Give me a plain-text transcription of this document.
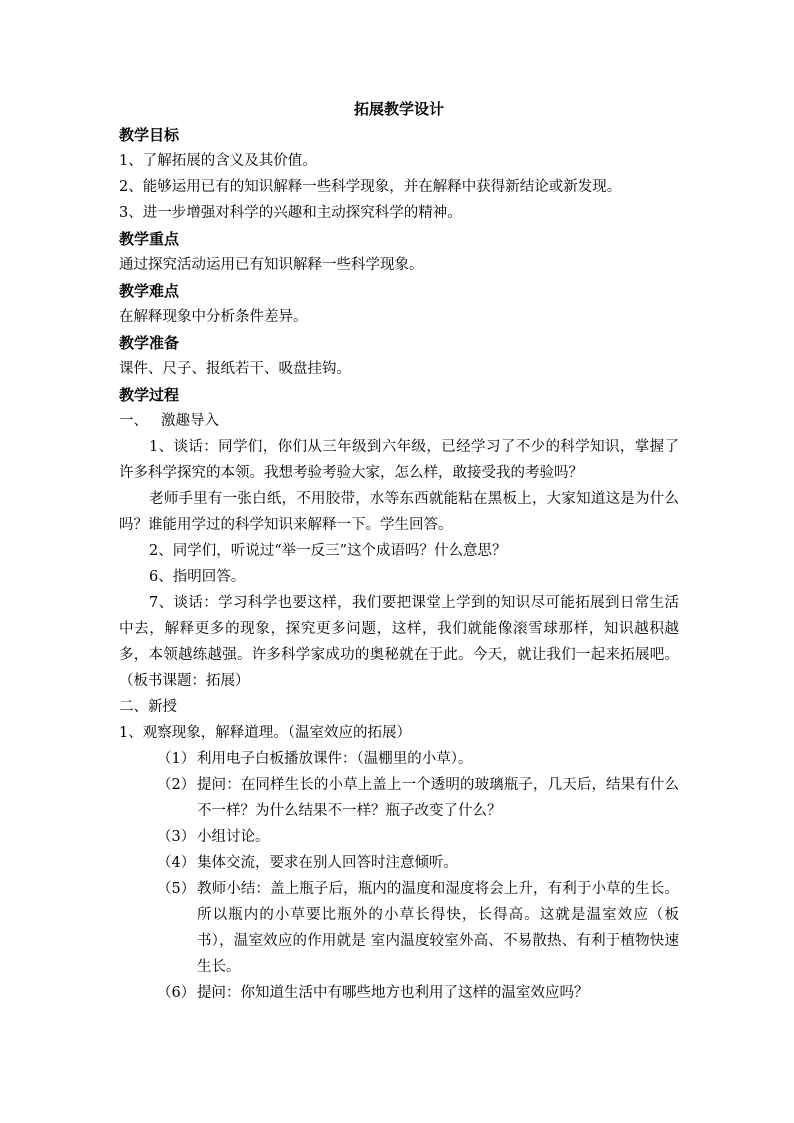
拓展教学设计
教学目标

1、了解拓展的含义及其价值。

2、能够运用已有的知识解释一些科学现象，并在解释中获得新结论或新发现。

3、进一步增强对科学的兴趣和主动探究科学的精神。

教学重点

通过探究活动运用已有知识解释一些科学现象。

教学难点

在解释现象中分析条件差异。

教学准备

课件、尺子、报纸若干、吸盘挂钩。

教学过程
一、 激趣导入

1、谈话：同学们，你们从三年级到六年级，已经学习了不少的科学知识，掌握了许多科学探究的本领。我想考验考验大家，怎么样，敢接受我的考验吗？

老师手里有一张白纸，不用胶带，水等东西就能粘在黑板上，大家知道这是为什么吗？谁能用学过的科学知识来解释一下。学生回答。

2、同学们，听说过“举一反三”这个成语吗？什么意思？

6、指明回答。

7、谈话：学习科学也要这样，我们要把课堂上学到的知识尽可能拓展到日常生活中去，解释更多的现象，探究更多问题，这样，我们就能像滚雪球那样，知识越积越多，本领越练越强。许多科学家成功的奥秘就在于此。今天，就让我们一起来拓展吧。（板书课题：拓展）

二、新授

1、观察现象，解释道理。（温室效应的拓展）

（1） 利用电子白板播放课件：（温棚里的小草）。
（2） 提问：在同样生长的小草上盖上一个透明的玻璃瓶子，几天后，结果有什么不一样？为什么结果不一样？瓶子改变了什么？
（3） 小组讨论。
（4） 集体交流，要求在别人回答时注意倾听。
（5） 教师小结：盖上瓶子后，瓶内的温度和湿度将会上升，有利于小草的生长。所以瓶内的小草要比瓶外的小草长得快，长得高。这就是温室效应（板书），温室效应的作用就是 室内温度较室外高、不易散热、有利于植物快速生长。
（6） 提问：你知道生活中有哪些地方也利用了这样的温室效应吗？
